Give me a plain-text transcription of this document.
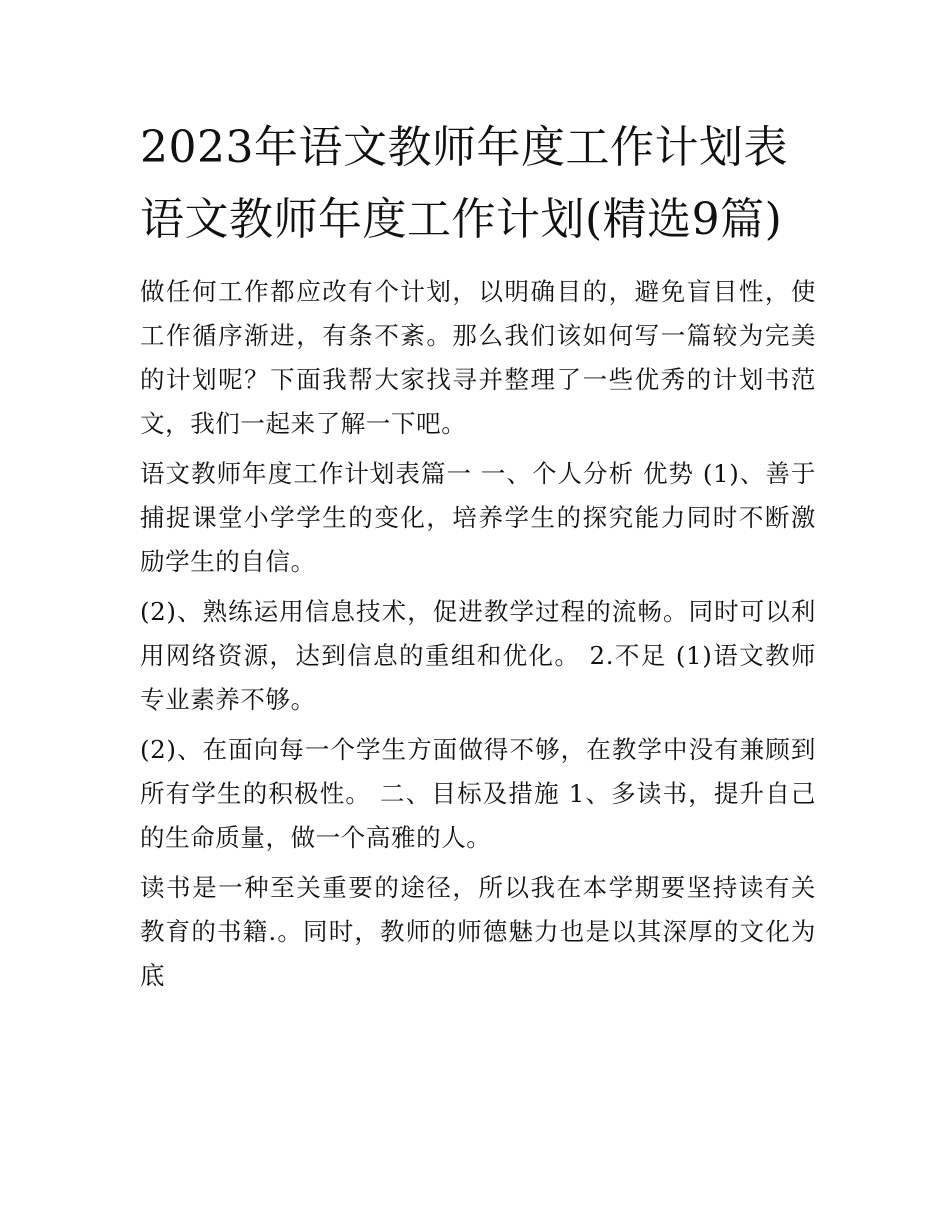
2023年语文教师年度工作计划表 语文教师年度工作计划(精选9篇)

做任何工作都应改有个计划，以明确目的，避免盲目性，使工作循序渐进，有条不紊。那么我们该如何写一篇较为完美的计划呢？下面我帮大家找寻并整理了一些优秀的计划书范文，我们一起来了解一下吧。

语文教师年度工作计划表篇一 一、个人分析 优势 (1)、善于捕捉课堂小学学生的变化，培养学生的探究能力同时不断激励学生的自信。

(2)、熟练运用信息技术，促进教学过程的流畅。同时可以利用网络资源，达到信息的重组和优化。 2.不足 (1)语文教师专业素养不够。

(2)、在面向每一个学生方面做得不够，在教学中没有兼顾到所有学生的积极性。 二、目标及措施 1、多读书，提升自己的生命质量，做一个高雅的人。

读书是一种至关重要的途径，所以我在本学期要坚持读有关教育的书籍.。同时，教师的师德魅力也是以其深厚的文化为底
